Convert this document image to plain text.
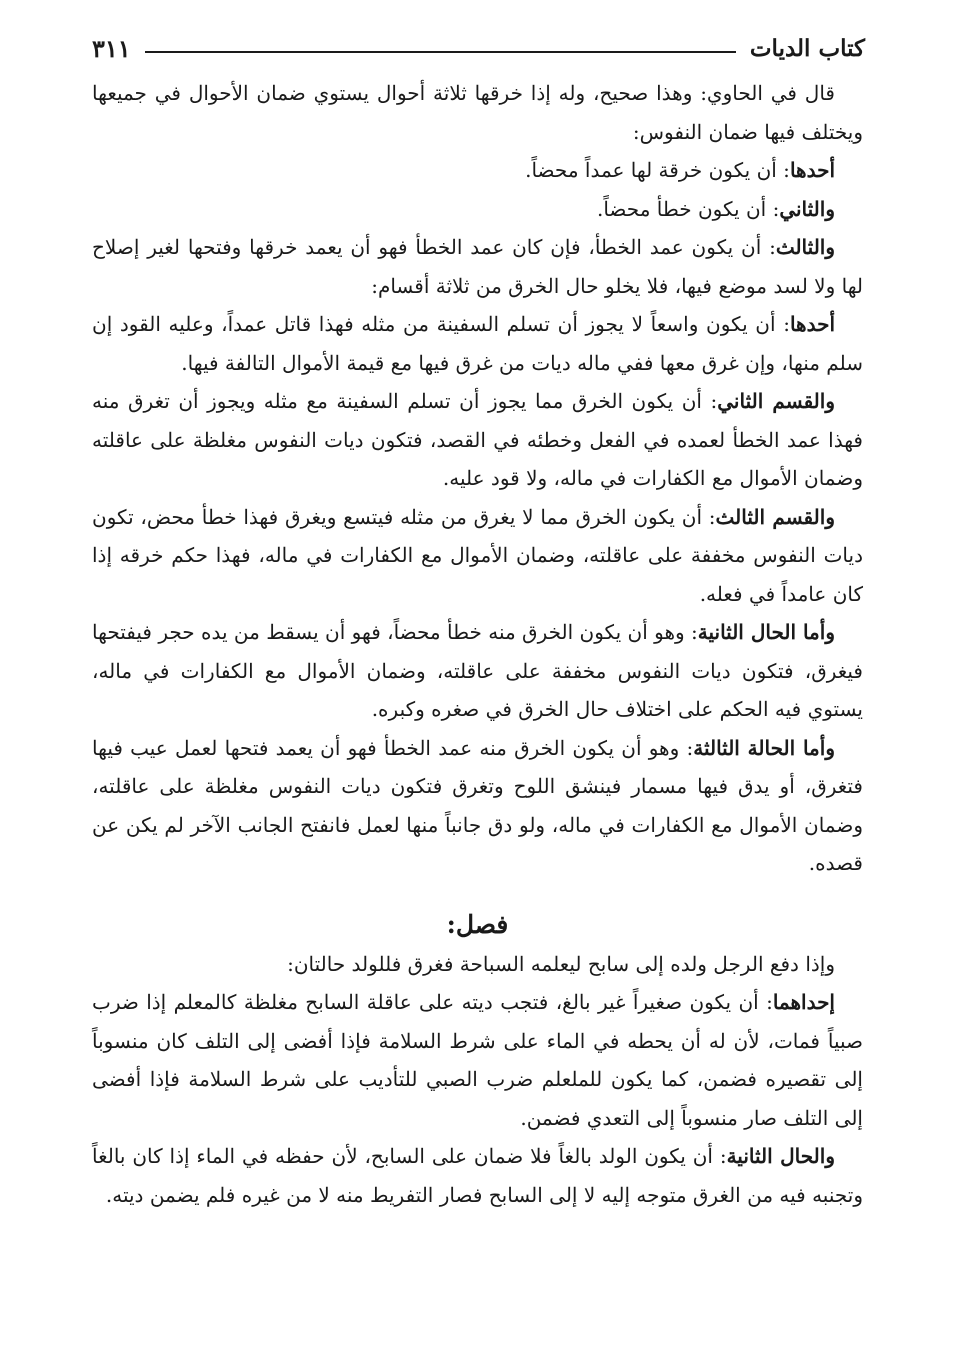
كتاب الديات
٣١١

قال في الحاوي: وهذا صحيح، وله إذا خرقها ثلاثة أحوال يستوي ضمان الأحوال في جميعها ويختلف فيها ضمان النفوس:

أحدها: أن يكون خرقة لها عمداً محضاً.

والثاني: أن يكون خطأ محضاً.

والثالث: أن يكون عمد الخطأ، فإن كان عمد الخطأ فهو أن يعمد خرقها وفتحها لغير إصلاح لها ولا لسد موضع فيها، فلا يخلو حال الخرق من ثلاثة أقسام:

أحدها: أن يكون واسعاً لا يجوز أن تسلم السفينة من مثله فهذا قاتل عمداً، وعليه القود إن سلم منها، وإن غرق معها ففي ماله ديات من غرق فيها مع قيمة الأموال التالفة فيها.

والقسم الثاني: أن يكون الخرق مما يجوز أن تسلم السفينة مع مثله ويجوز أن تغرق منه فهذا عمد الخطأ لعمده في الفعل وخطئه في القصد، فتكون ديات النفوس مغلظة على عاقلته وضمان الأموال مع الكفارات في ماله، ولا قود عليه.

والقسم الثالث: أن يكون الخرق مما لا يغرق من مثله فيتسع ويغرق فهذا خطأ محض، تكون ديات النفوس مخففة على عاقلته، وضمان الأموال مع الكفارات في ماله، فهذا حكم خرقه إذا كان عامداً في فعله.

وأما الحال الثانية: وهو أن يكون الخرق منه خطأ محضاً، فهو أن يسقط من يده حجر فيفتحها فيغرق، فتكون ديات النفوس مخففة على عاقلته، وضمان الأموال مع الكفارات في ماله، يستوي فيه الحكم على اختلاف حال الخرق في صغره وكبره.

وأما الحالة الثالثة: وهو أن يكون الخرق منه عمد الخطأ فهو أن يعمد فتحها لعمل عيب فيها فتغرق، أو يدق فيها مسمار فينشق اللوح وتغرق فتكون ديات النفوس مغلظة على عاقلته، وضمان الأموال مع الكفارات في ماله، ولو دق جانباً منها لعمل فانفتح الجانب الآخر لم يكن عن قصده.

فصل:

وإذا دفع الرجل ولده إلى سابح ليعلمه السباحة فغرق فللولد حالتان:

إحداهما: أن يكون صغيراً غير بالغ، فتجب ديته على عاقلة السابح مغلظة كالمعلم إذا ضرب صبياً فمات، لأن له أن يحطه في الماء على شرط السلامة فإذا أفضى إلى التلف كان منسوباً إلى تقصيره فضمن، كما يكون للملعلم ضرب الصبي للتأديب على شرط السلامة فإذا أفضى إلى التلف صار منسوباً إلى التعدي فضمن.

والحال الثانية: أن يكون الولد بالغاً فلا ضمان على السابح، لأن حفظه في الماء إذا كان بالغاً وتجنبه فيه من الغرق متوجه إليه لا إلى السابح فصار التفريط منه لا من غيره فلم يضمن ديته.
